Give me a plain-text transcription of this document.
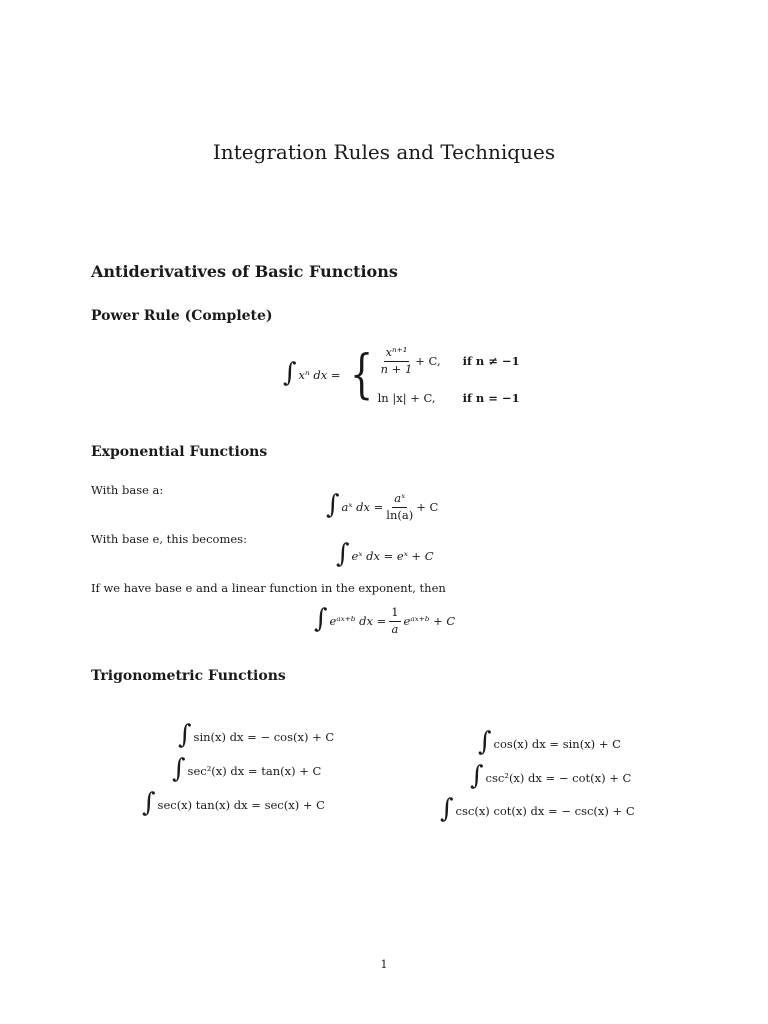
Integration Rules and Techniques
Antiderivatives of Basic Functions
Power Rule (Complete)
∫ xⁿ dx = { $\frac{\text{xⁿ⁺¹}}{n + 1} + C$, if n ≠ −1
ln |x| + C,	if n = −1
Exponential Functions
With base a:
∫ aˣ dx = $\frac{\text{aˣ}}{\ln(a)} + C$
With base e, this becomes:	∫ eˣ dx = eˣ + C
If we have base e and a linear function in the exponent, then
∫ eᵃˣ⁺ᵇ dx = $\frac{1}{a}$ eᵃˣ⁺ᵇ + C
Trigonometric Functions
∫ sin(x) dx = − cos(x) + C
∫ sec²(x) dx = tan(x) + C
∫ sec(x) tan(x) dx = sec(x) + C
∫ cos(x) dx = sin(x) + C
∫ csc²(x) dx = − cot(x) + C
∫ csc(x) cot(x) dx = − csc(x) + C
1
